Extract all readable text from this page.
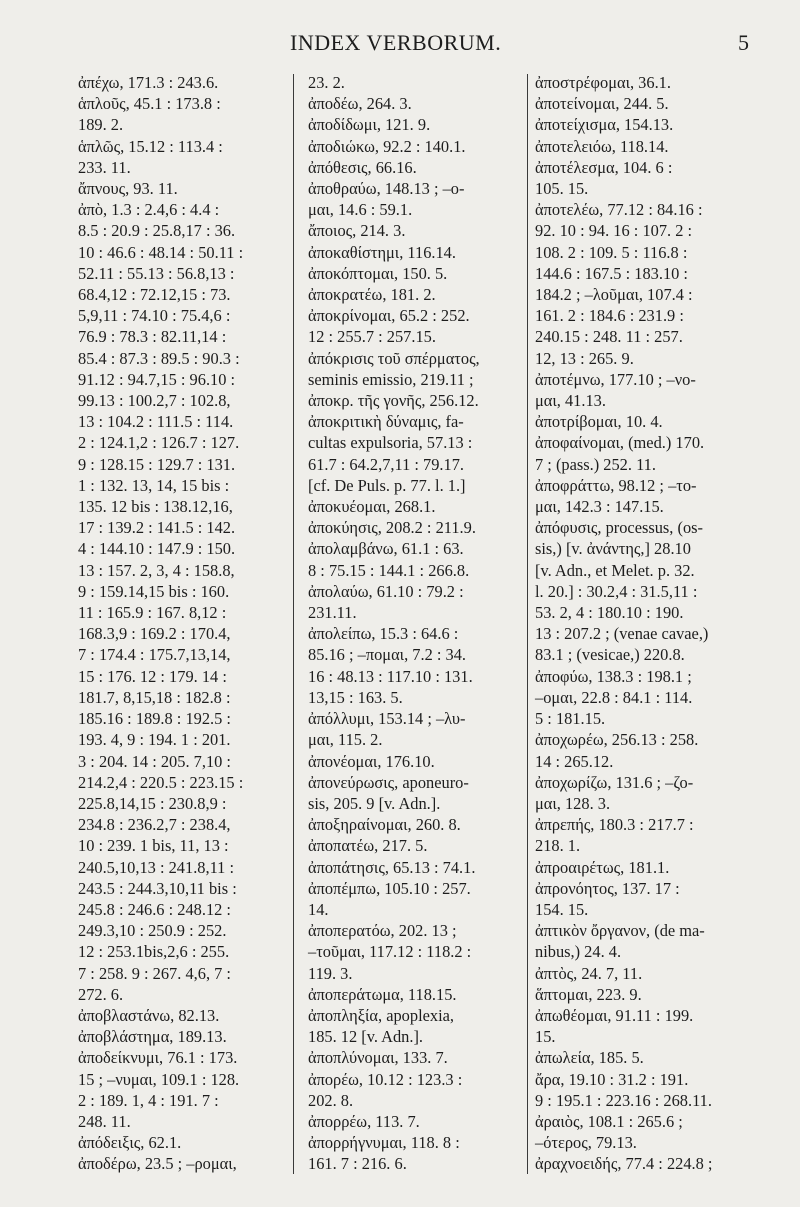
INDEX VERBORUM.	5
ἀπέχω, 171.3 : 243.6.
ἁπλοῦς, 45.1 : 173.8 :
189. 2.
ἁπλῶς, 15.12 : 113.4 :
233. 11.
ἄπνους, 93. 11.
ἀπὸ, 1.3 : 2.4,6 : 4.4 :
8.5 : 20.9 : 25.8,17 : 36.
10 : 46.6 : 48.14 : 50.11 :
52.11 : 55.13 : 56.8,13 :
68.4,12 : 72.12,15 : 73.
5,9,11 : 74.10 : 75.4,6 :
76.9 : 78.3 : 82.11,14 :
85.4 : 87.3 : 89.5 : 90.3 :
91.12 : 94.7,15 : 96.10 :
99.13 : 100.2,7 : 102.8,
13 : 104.2 : 111.5 : 114.
2 : 124.1,2 : 126.7 : 127.
9 : 128.15 : 129.7 : 131.
1 : 132. 13, 14, 15 bis :
135. 12 bis : 138.12,16,
17 : 139.2 : 141.5 : 142.
4 : 144.10 : 147.9 : 150.
13 : 157. 2, 3, 4 : 158.8,
9 : 159.14,15 bis : 160.
11 : 165.9 : 167. 8,12 :
168.3,9 : 169.2 : 170.4,
7 : 174.4 : 175.7,13,14,
15 : 176. 12 : 179. 14 :
181.7, 8,15,18 : 182.8 :
185.16 : 189.8 : 192.5 :
193. 4, 9 : 194. 1 : 201.
3 : 204. 14 : 205. 7,10 :
214.2,4 : 220.5 : 223.15 :
225.8,14,15 : 230.8,9 :
234.8 : 236.2,7 : 238.4,
10 : 239. 1 bis, 11, 13 :
240.5,10,13 : 241.8,11 :
243.5 : 244.3,10,11 bis :
245.8 : 246.6 : 248.12 :
249.3,10 : 250.9 : 252.
12 : 253.1bis,2,6 : 255.
7 : 258. 9 : 267. 4,6, 7 :
272. 6.
ἀποβλαστάνω, 82.13.
ἀποβλάστημα, 189.13.
ἀποδείκνυμι, 76.1 : 173.
15 ; –νυμαι, 109.1 : 128.
2 : 189. 1, 4 : 191. 7 :
248. 11.
ἀπόδειξις, 62.1.
ἀποδέρω, 23.5 ; –ρομαι,
23. 2.
ἀποδέω, 264. 3.
ἀποδίδωμι, 121. 9.
ἀποδιώκω, 92.2 : 140.1.
ἀπόθεσις, 66.16.
ἀποθραύω, 148.13 ; –ο-
μαι, 14.6 : 59.1.
ἄποιος, 214. 3.
ἀποκαθίστημι, 116.14.
ἀποκόπτομαι, 150. 5.
ἀποκρατέω, 181. 2.
ἀποκρίνομαι, 65.2 : 252.
12 : 255.7 : 257.15.
ἀπόκρισις τοῦ σπέρματος,
seminis emissio, 219.11 ;
ἀποκρ. τῆς γονῆς, 256.12.
ἀποκριτικὴ δύναμις, fa-
cultas expulsoria, 57.13 :
61.7 : 64.2,7,11 : 79.17.
[cf. De Puls. p. 77. l. 1.]
ἀποκυέομαι, 268.1.
ἀποκύησις, 208.2 : 211.9.
ἀπολαμβάνω, 61.1 : 63.
8 : 75.15 : 144.1 : 266.8.
ἀπολαύω, 61.10 : 79.2 :
231.11.
ἀπολείπω, 15.3 : 64.6 :
85.16 ; –πομαι, 7.2 : 34.
16 : 48.13 : 117.10 : 131.
13,15 : 163. 5.
ἀπόλλυμι, 153.14 ; –λυ-
μαι, 115. 2.
ἀπονέομαι, 176.10.
ἀπονεύρωσις, aponeuro-
sis, 205. 9 [v. Adn.].
ἀποξηραίνομαι, 260. 8.
ἀποπατέω, 217. 5.
ἀποπάτησις, 65.13 : 74.1.
ἀποπέμπω, 105.10 : 257.
14.
ἀποπερατόω, 202. 13 ;
–τοῦμαι, 117.12 : 118.2 :
119. 3.
ἀποπεράτωμα, 118.15.
ἀποπληξία, apoplexia,
185. 12 [v. Adn.].
ἀποπλύνομαι, 133. 7.
ἀπορέω, 10.12 : 123.3 :
202. 8.
ἀπορρέω, 113. 7.
ἀπορρήγνυμαι, 118. 8 :
161. 7 : 216. 6.
ἀποστρέφομαι, 36.1.
ἀποτείνομαι, 244. 5.
ἀποτείχισμα, 154.13.
ἀποτελειόω, 118.14.
ἀποτέλεσμα, 104. 6 :
105. 15.
ἀποτελέω, 77.12 : 84.16 :
92. 10 : 94. 16 : 107. 2 :
108. 2 : 109. 5 : 116.8 :
144.6 : 167.5 : 183.10 :
184.2 ; –λοῦμαι, 107.4 :
161. 2 : 184.6 : 231.9 :
240.15 : 248. 11 : 257.
12, 13 : 265. 9.
ἀποτέμνω, 177.10 ; –νο-
μαι, 41.13.
ἀποτρίβομαι, 10. 4.
ἀποφαίνομαι, (med.) 170.
7 ; (pass.) 252. 11.
ἀποφράττω, 98.12 ; –το-
μαι, 142.3 : 147.15.
ἀπόφυσις, processus, (os-
sis,) [v. ἀνάντης,] 28.10
[v. Adn., et Melet. p. 32.
l. 20.] : 30.2,4 : 31.5,11 :
53. 2, 4 : 180.10 : 190.
13 : 207.2 ; (venae cavae,)
83.1 ; (vesicae,) 220.8.
ἀποφύω, 138.3 : 198.1 ;
–ομαι, 22.8 : 84.1 : 114.
5 : 181.15.
ἀποχωρέω, 256.13 : 258.
14 : 265.12.
ἀποχωρίζω, 131.6 ; –ζο-
μαι, 128. 3.
ἀπρεπής, 180.3 : 217.7 :
218. 1.
ἀπροαιρέτως, 181.1.
ἀπρονόητος, 137. 17 :
154. 15.
ἀπτικὸν ὄργανον, (de ma-
nibus,) 24. 4.
ἀπτὸς, 24. 7, 11.
ἅπτομαι, 223. 9.
ἀπωθέομαι, 91.11 : 199.
15.
ἀπωλεία, 185. 5.
ἄρα, 19.10 : 31.2 : 191.
9 : 195.1 : 223.16 : 268.11.
ἀραιὸς, 108.1 : 265.6 ;
–ότερος, 79.13.
ἀραχνοειδής, 77.4 : 224.8 ;
